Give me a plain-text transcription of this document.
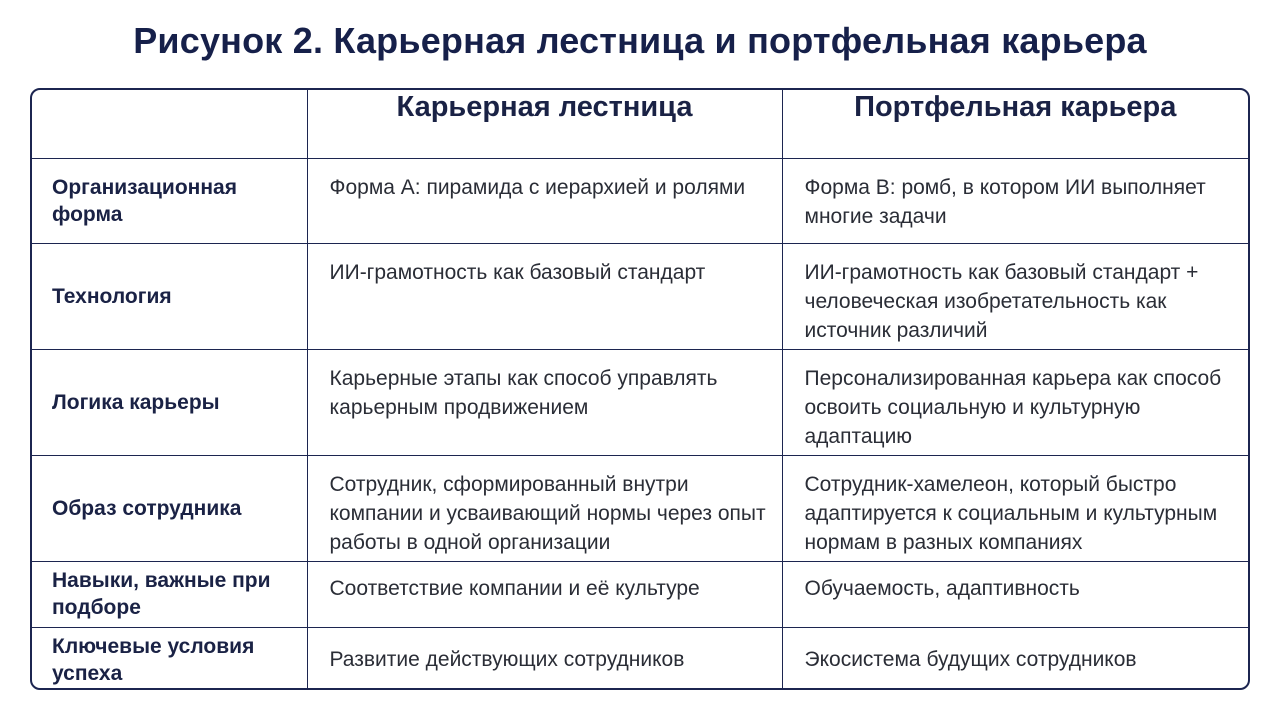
Рисунок 2. Карьерная лестница и портфельная карьера
	Карьерная лестница	Портфельная карьера
Организационная форма	Форма А: пирамида с иерархией и ролями	Форма В: ромб, в котором ИИ выполняет многие задачи
Технология	ИИ-грамотность как базовый стандарт	ИИ-грамотность как базовый стандарт + человеческая изобретательность как источник различий
Логика карьеры	Карьерные этапы как способ управлять карьерным продвижением	Персонализированная карьера как способ освоить социальную и культурную адаптацию
Образ сотрудника	Сотрудник, сформированный внутри компании и усваивающий нормы через опыт работы в одной организации	Сотрудник-хамелеон, который быстро адаптируется к социальным и культурным нормам в разных компаниях
Навыки, важные при подборе	Соответствие компании и её культуре	Обучаемость, адаптивность
Ключевые условия успеха	Развитие действующих сотрудников	Экосистема будущих сотрудников
